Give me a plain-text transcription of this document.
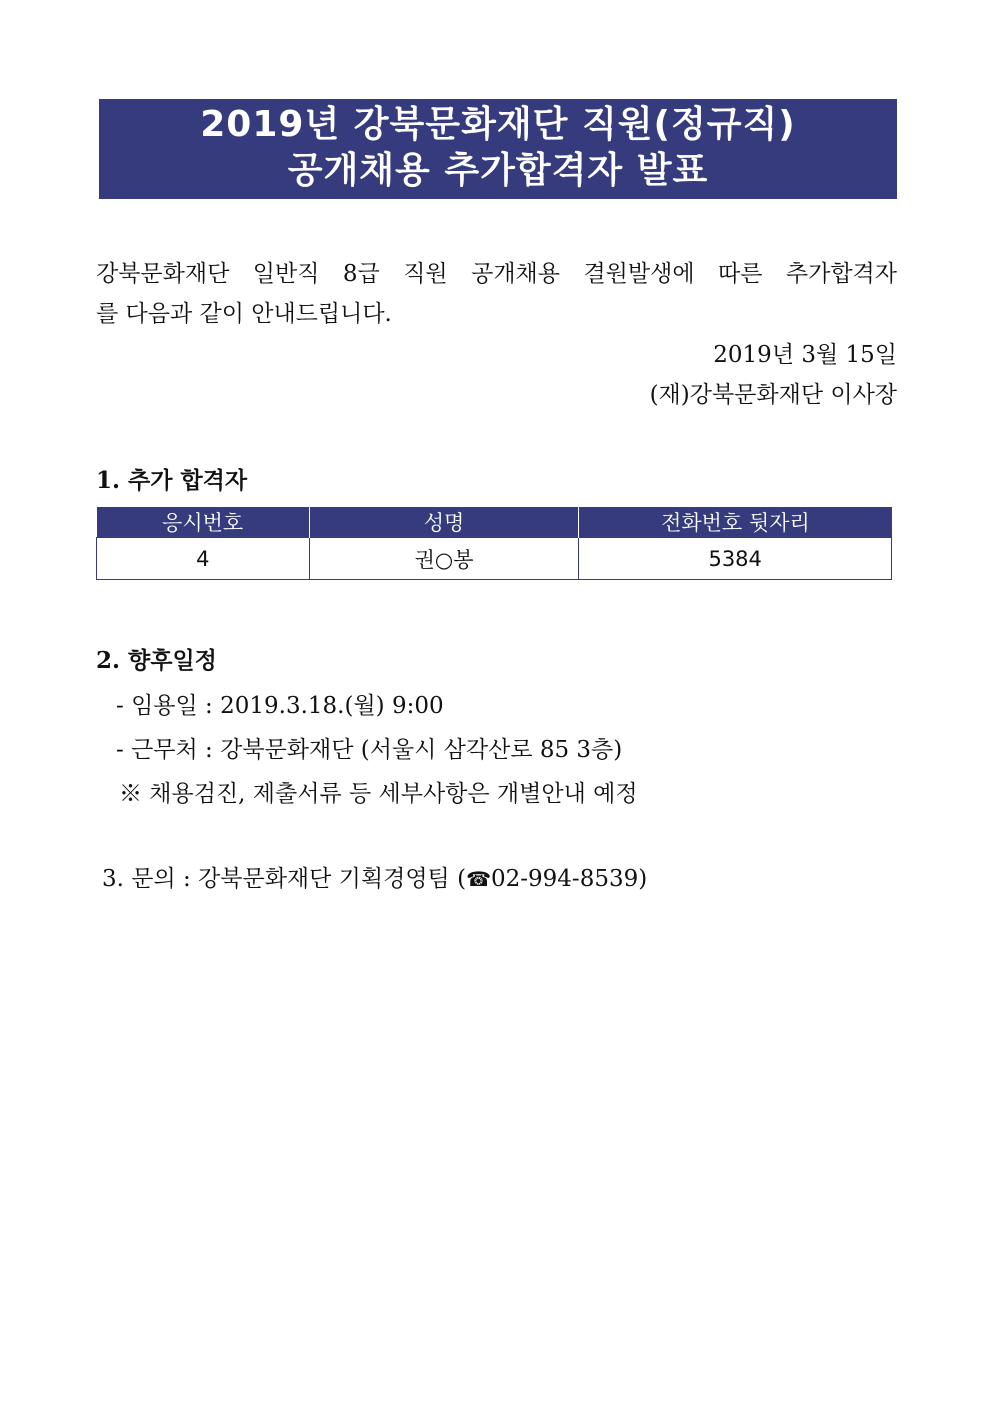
2019년 강북문화재단 직원(정규직)
공개채용 추가합격자 발표
강북문화재단 일반직 8급 직원 공개채용 결원발생에 따른 추가합격자
를 다음과 같이 안내드립니다.
2019년 3월 15일
(재)강북문화재단 이사장
1. 추가 합격자
응시번호	성명	전화번호 뒷자리
4	권○봉	5384
2. 향후일정
- 임용일 : 2019.3.18.(월) 9:00
- 근무처 : 강북문화재단 (서울시 삼각산로 85 3층)
※ 채용검진, 제출서류 등 세부사항은 개별안내 예정
3. 문의 : 강북문화재단 기획경영팀 (☎02-994-8539)
